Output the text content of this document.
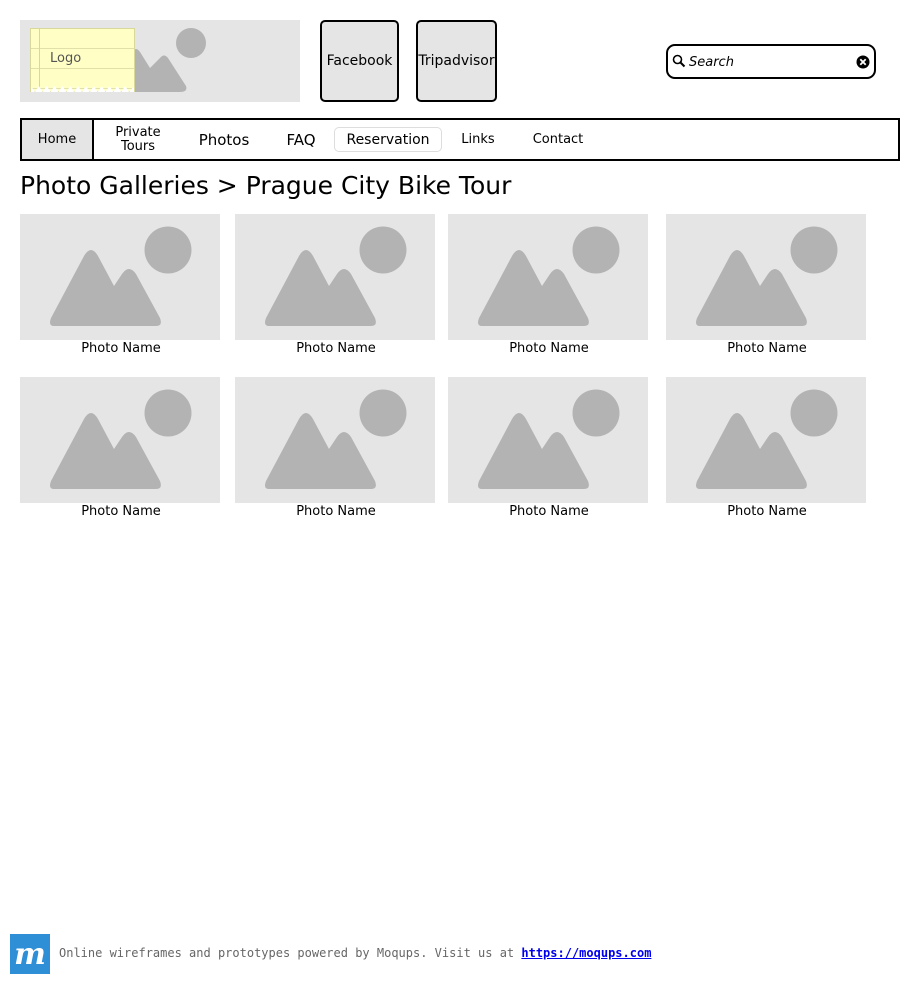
Logo	Facebook Tripadvisor
Search
Home	Private
Tours	Photos	FAQ	Reservation	Links	Contact
Photo Galleries > Prague City Bike Tour
Photo Name	Photo Name	Photo Name	Photo Name
Photo Name	Photo Name	Photo Name	Photo Name
m	Online wireframes and prototypes powered by Moqups. Visit us at https://moqups.com
